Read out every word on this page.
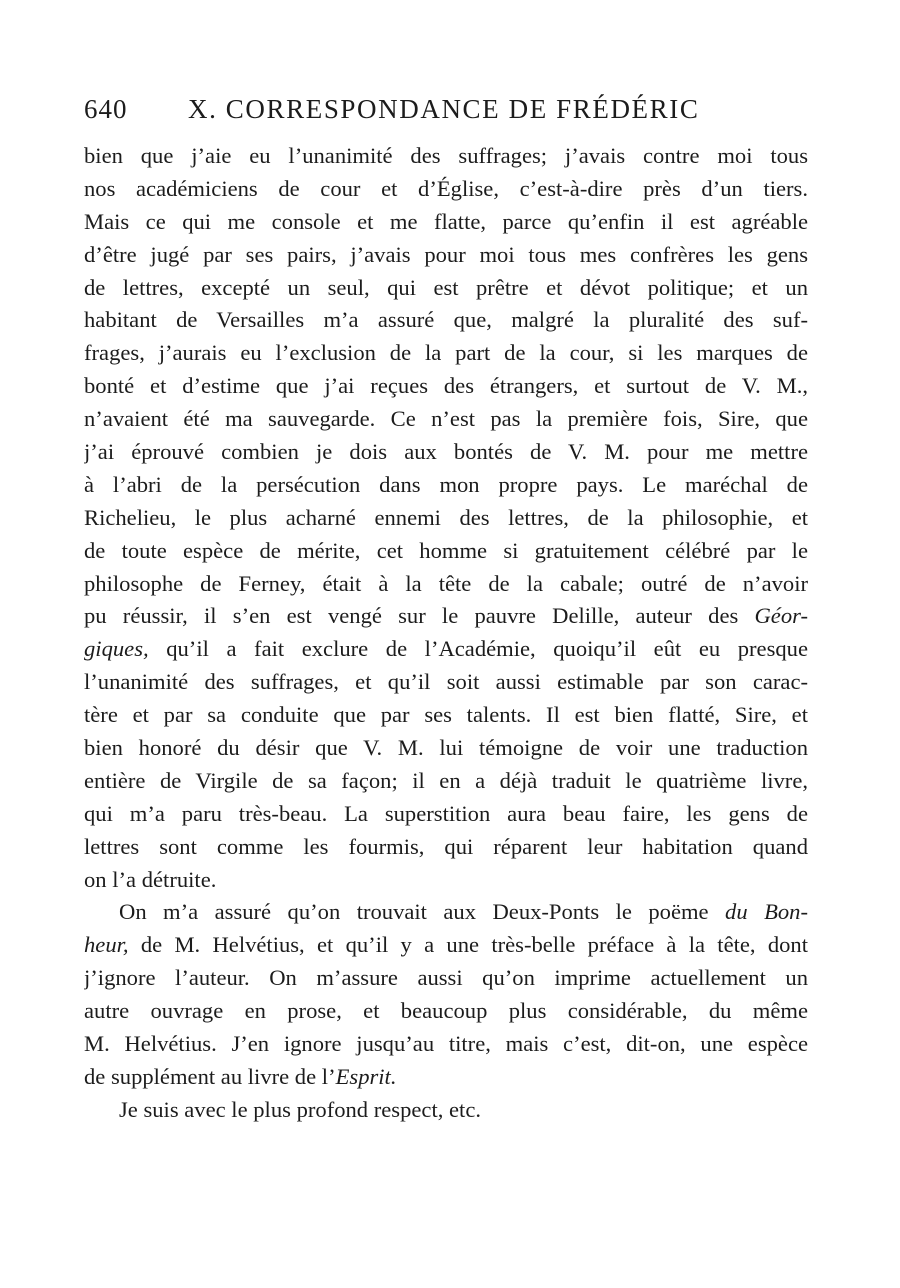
640 X. CORRESPONDANCE DE FRÉDÉRIC
bien que j’aie eu l’unanimité des suffrages; j’avais contre moi tous
nos académiciens de cour et d’Église, c’est-à-dire près d’un tiers.
Mais ce qui me console et me flatte, parce qu’enfin il est agréable
d’être jugé par ses pairs, j’avais pour moi tous mes confrères les gens
de lettres, excepté un seul, qui est prêtre et dévot politique; et un
habitant de Versailles m’a assuré que, malgré la pluralité des suf-
frages, j’aurais eu l’exclusion de la part de la cour, si les marques de
bonté et d’estime que j’ai reçues des étrangers, et surtout de V. M.,
n’avaient été ma sauvegarde. Ce n’est pas la première fois, Sire, que
j’ai éprouvé combien je dois aux bontés de V. M. pour me mettre
à l’abri de la persécution dans mon propre pays. Le maréchal de
Richelieu, le plus acharné ennemi des lettres, de la philosophie, et
de toute espèce de mérite, cet homme si gratuitement célébré par le
philosophe de Ferney, était à la tête de la cabale; outré de n’avoir
pu réussir, il s’en est vengé sur le pauvre Delille, auteur des Géor-
giques, qu’il a fait exclure de l’Académie, quoiqu’il eût eu presque
l’unanimité des suffrages, et qu’il soit aussi estimable par son carac-
tère et par sa conduite que par ses talents. Il est bien flatté, Sire, et
bien honoré du désir que V. M. lui témoigne de voir une traduction
entière de Virgile de sa façon; il en a déjà traduit le quatrième livre,
qui m’a paru très-beau. La superstition aura beau faire, les gens de
lettres sont comme les fourmis, qui réparent leur habitation quand
on l’a détruite.
On m’a assuré qu’on trouvait aux Deux-Ponts le poëme du Bon-
heur, de M. Helvétius, et qu’il y a une très-belle préface à la tête, dont
j’ignore l’auteur. On m’assure aussi qu’on imprime actuellement un
autre ouvrage en prose, et beaucoup plus considérable, du même
M. Helvétius. J’en ignore jusqu’au titre, mais c’est, dit-on, une espèce
de supplément au livre de l’Esprit.
Je suis avec le plus profond respect, etc.
